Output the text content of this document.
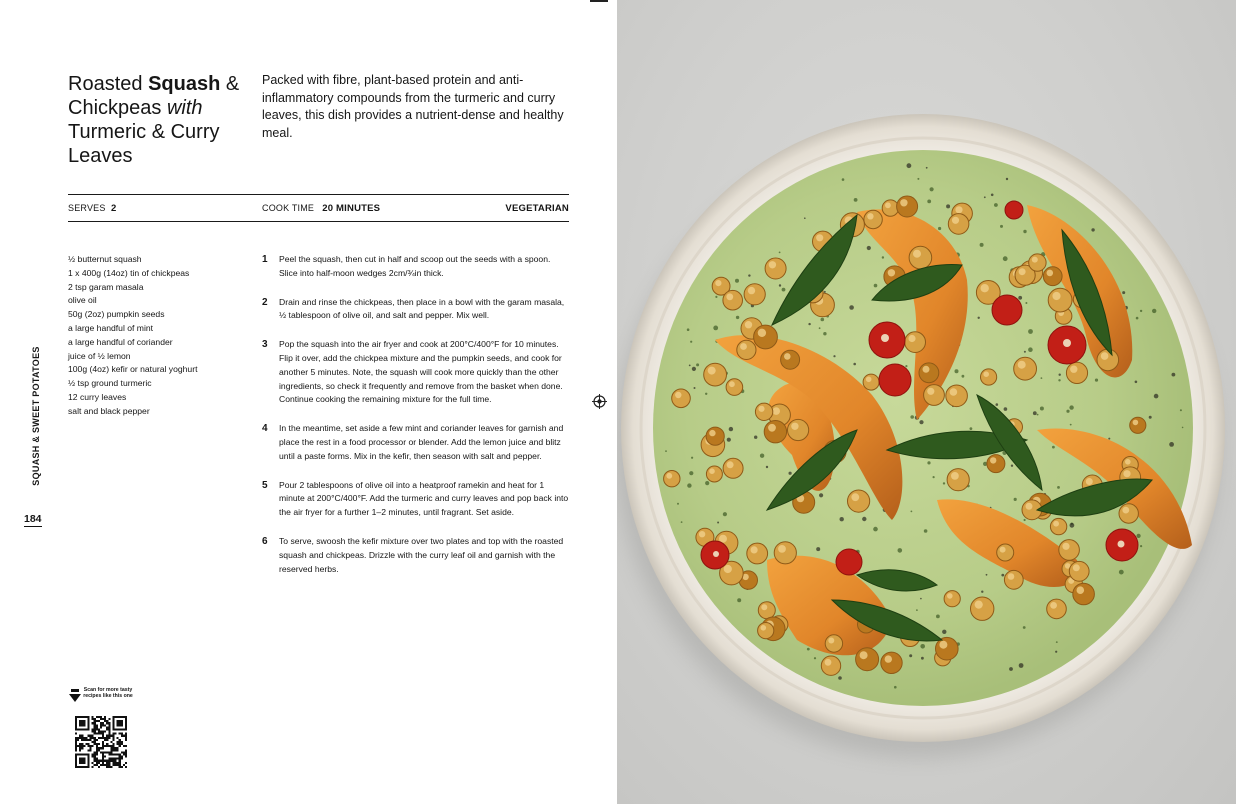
Roasted Squash & Chickpeas with Turmeric & Curry Leaves

Packed with fibre, plant-based protein and anti-inflammatory compounds from the turmeric and curry leaves, this dish provides a nutrient-dense and healthy meal.

SERVES 2	COOK TIME 20 MINUTES	VEGETARIAN
½ butternut squash
1 x 400g (14oz) tin of chickpeas
2 tsp garam masala
olive oil
50g (2oz) pumpkin seeds
a large handful of mint
a large handful of coriander
juice of ½ lemon
100g (4oz) kefir or natural yoghurt
½ tsp ground turmeric
12 curry leaves
salt and black pepper
1	Peel the squash, then cut in half and scoop out the seeds with a spoon. Slice into half-moon wedges 2cm/¾in thick.
2	Drain and rinse the chickpeas, then place in a bowl with the garam masala, ½ tablespoon of olive oil, and salt and pepper. Mix well.
3	Pop the squash into the air fryer and cook at 200°C/400°F for 10 minutes. Flip it over, add the chickpea mixture and the pumpkin seeds, and cook for another 5 minutes. Note, the squash will cook more quickly than the other ingredients, so check it frequently and remove from the basket when done. Continue cooking the remaining mixture for the full time.
4	In the meantime, set aside a few mint and coriander leaves for garnish and place the rest in a food processor or blender. Add the lemon juice and blitz until a paste forms. Mix in the kefir, then season with salt and pepper.
5	Pour 2 tablespoons of olive oil into a heatproof ramekin and heat for 1 minute at 200°C/400°F. Add the turmeric and curry leaves and pop back into the air fryer for a further 1–2 minutes, until fragrant. Set aside.
6	To serve, swoosh the kefir mixture over two plates and top with the roasted squash and chickpeas. Drizzle with the curry leaf oil and garnish with the reserved herbs.
SQUASH & SWEET POTATOES
184

Scan for more tasty recipes like this one
